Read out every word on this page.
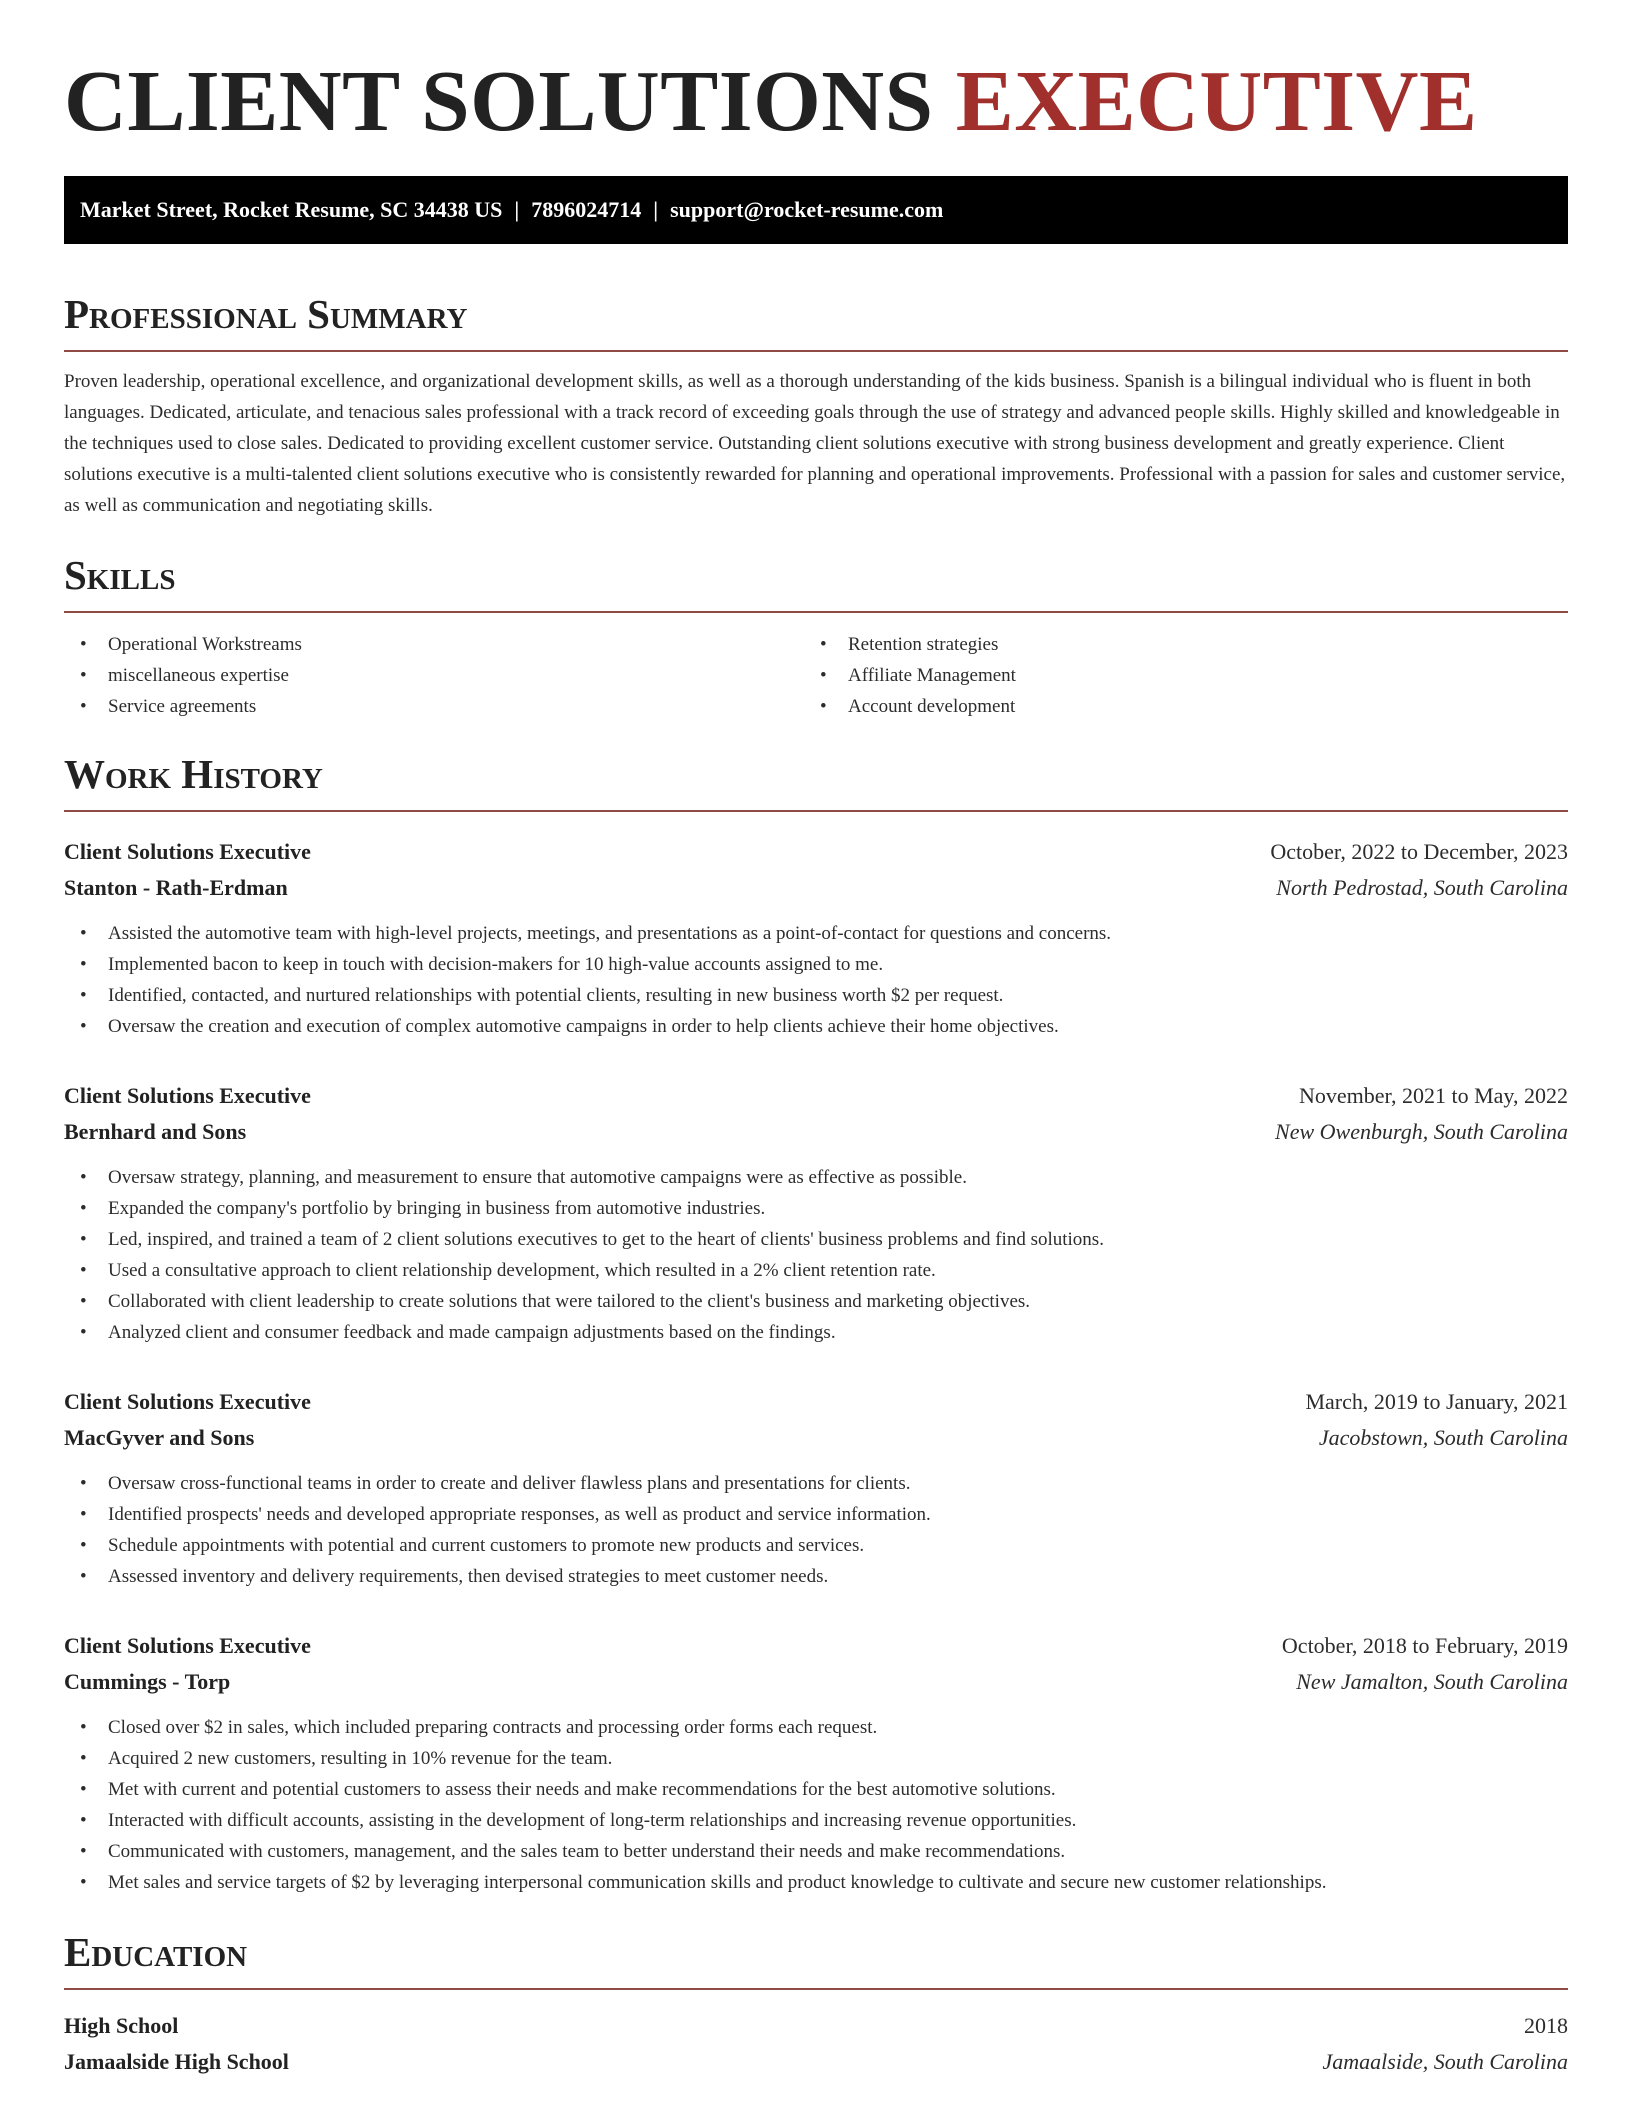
CLIENT SOLUTIONS EXECUTIVE
Market Street, Rocket Resume, SC 34438 US | 7896024714 | support@rocket-resume.com
Professional Summary

Proven leadership, operational excellence, and organizational development skills, as well as a thorough understanding of the kids business. Spanish is a bilingual individual who is fluent in both languages. Dedicated, articulate, and tenacious sales professional with a track record of exceeding goals through the use of strategy and advanced people skills. Highly skilled and knowledgeable in the techniques used to close sales. Dedicated to providing excellent customer service. Outstanding client solutions executive with strong business development and greatly experience. Client solutions executive is a multi-talented client solutions executive who is consistently rewarded for planning and operational improvements. Professional with a passion for sales and customer service, as well as communication and negotiating skills.

Skills
• Operational Workstreams
• miscellaneous expertise
• Service agreements
• Retention strategies
• Affiliate Management
• Account development
Work History
Client Solutions Executive	October, 2022 to December, 2023
Stanton - Rath-Erdman	North Pedrostad, South Carolina
• Assisted the automotive team with high-level projects, meetings, and presentations as a point-of-contact for questions and concerns.
• Implemented bacon to keep in touch with decision-makers for 10 high-value accounts assigned to me.
• Identified, contacted, and nurtured relationships with potential clients, resulting in new business worth $2 per request.
• Oversaw the creation and execution of complex automotive campaigns in order to help clients achieve their home objectives.
Client Solutions Executive	November, 2021 to May, 2022
Bernhard and Sons	New Owenburgh, South Carolina
• Oversaw strategy, planning, and measurement to ensure that automotive campaigns were as effective as possible.
• Expanded the company's portfolio by bringing in business from automotive industries.
• Led, inspired, and trained a team of 2 client solutions executives to get to the heart of clients' business problems and find solutions.
• Used a consultative approach to client relationship development, which resulted in a 2% client retention rate.
• Collaborated with client leadership to create solutions that were tailored to the client's business and marketing objectives.
• Analyzed client and consumer feedback and made campaign adjustments based on the findings.
Client Solutions Executive	March, 2019 to January, 2021
MacGyver and Sons	Jacobstown, South Carolina
• Oversaw cross-functional teams in order to create and deliver flawless plans and presentations for clients.
• Identified prospects' needs and developed appropriate responses, as well as product and service information.
• Schedule appointments with potential and current customers to promote new products and services.
• Assessed inventory and delivery requirements, then devised strategies to meet customer needs.
Client Solutions Executive	October, 2018 to February, 2019
Cummings - Torp	New Jamalton, South Carolina
• Closed over $2 in sales, which included preparing contracts and processing order forms each request.
• Acquired 2 new customers, resulting in 10% revenue for the team.
• Met with current and potential customers to assess their needs and make recommendations for the best automotive solutions.
• Interacted with difficult accounts, assisting in the development of long-term relationships and increasing revenue opportunities.
• Communicated with customers, management, and the sales team to better understand their needs and make recommendations.
• Met sales and service targets of $2 by leveraging interpersonal communication skills and product knowledge to cultivate and secure new customer relationships.
Education
High School	2018
Jamaalside High School	Jamaalside, South Carolina
